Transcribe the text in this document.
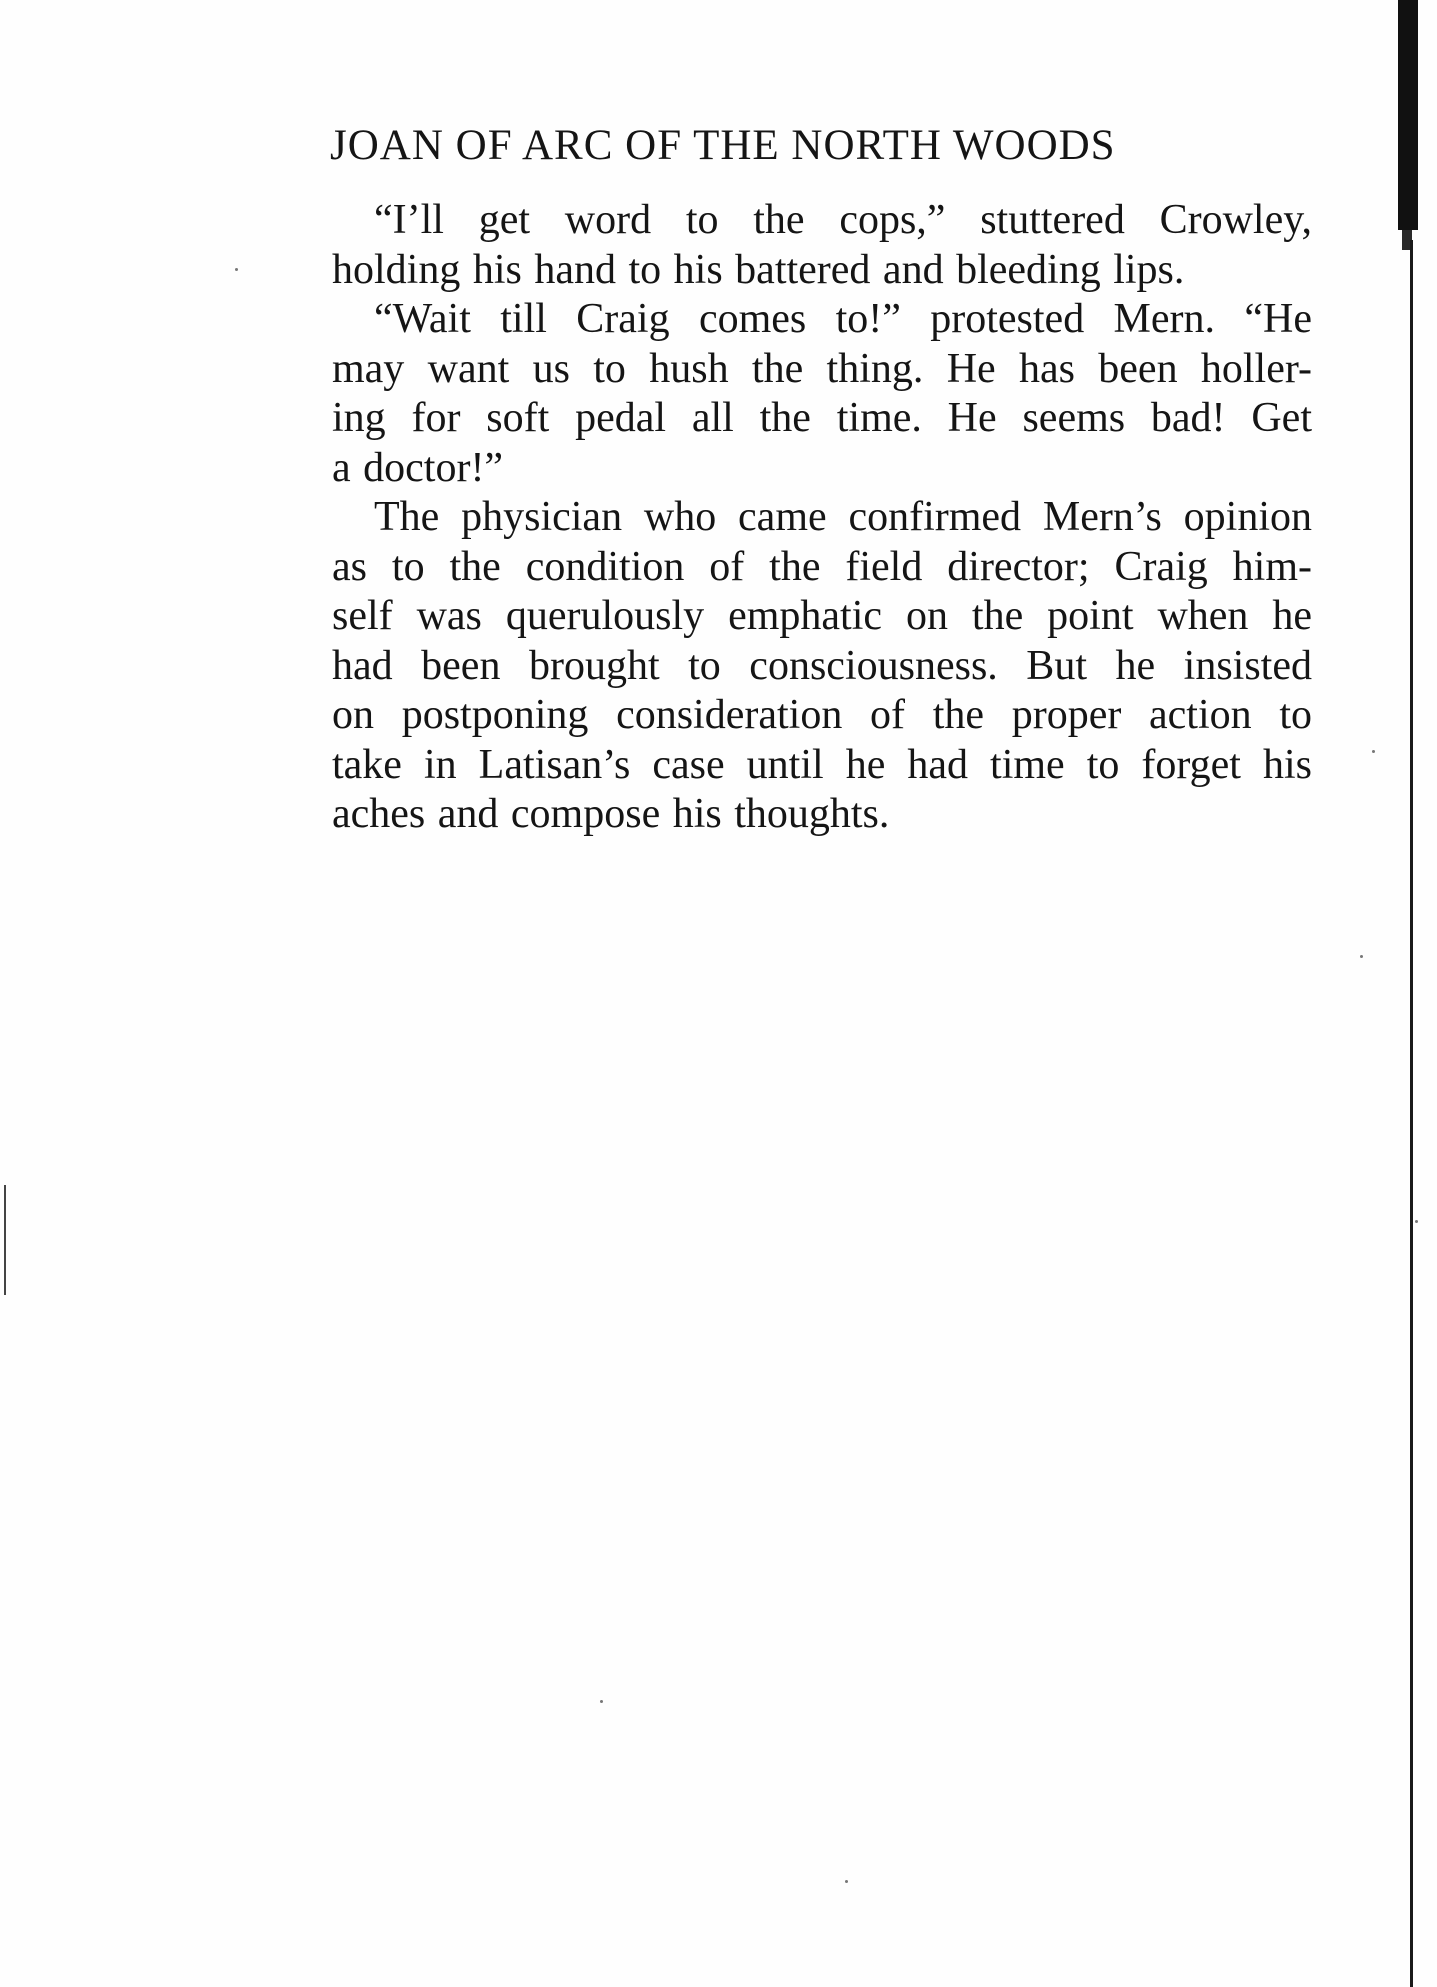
JOAN OF ARC OF THE NORTH WOODS
“I’ll get word to the cops,” stuttered Crowley,
holding his hand to his battered and bleeding lips.
“Wait till Craig comes to!” protested Mern. “He
may want us to hush the thing. He has been holler-
ing for soft pedal all the time. He seems bad! Get
a doctor!”
The physician who came confirmed Mern’s opinion
as to the condition of the field director; Craig him-
self was querulously emphatic on the point when he
had been brought to consciousness. But he insisted
on postponing consideration of the proper action to
take in Latisan’s case until he had time to forget his
aches and compose his thoughts.
